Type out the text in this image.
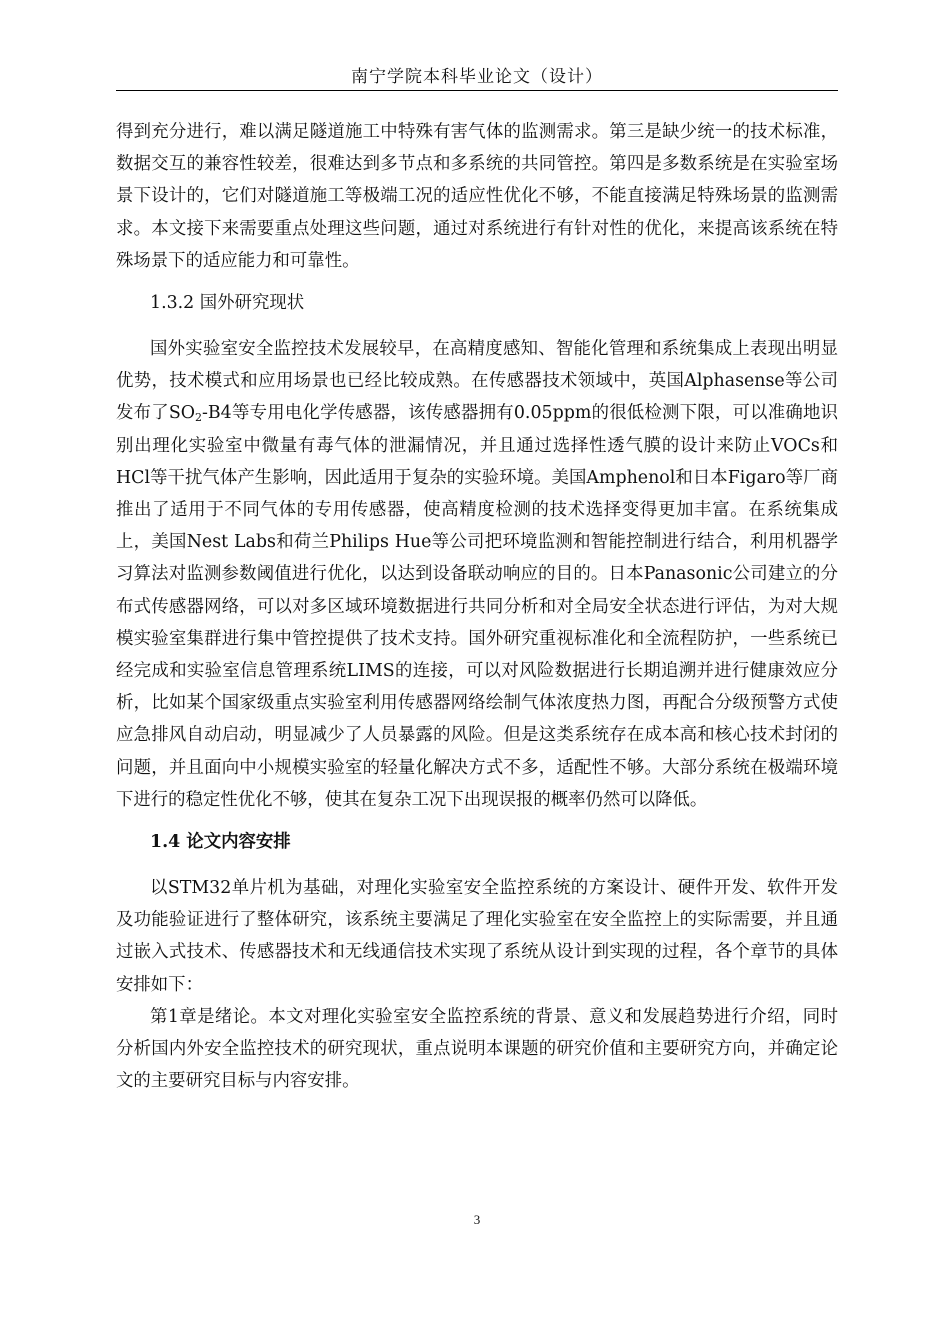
南宁学院本科毕业论文（设计）

得到充分进行，难以满足隧道施工中特殊有害气体的监测需求。第三是缺少统一的技术标准，数据交互的兼容性较差，很难达到多节点和多系统的共同管控。第四是多数系统是在实验室场景下设计的，它们对隧道施工等极端工况的适应性优化不够，不能直接满足特殊场景的监测需求。本文接下来需要重点处理这些问题，通过对系统进行有针对性的优化，来提高该系统在特殊场景下的适应能力和可靠性。

1.3.2 国外研究现状

国外实验室安全监控技术发展较早，在高精度感知、智能化管理和系统集成上表现出明显优势，技术模式和应用场景也已经比较成熟。在传感器技术领域中，英国Alphasense等公司发布了$SO_2-B4$等专用电化学传感器，该传感器拥有0.05ppm的很低检测下限，可以准确地识别出理化实验室中微量有毒气体的泄漏情况，并且通过选择性透气膜的设计来防止VOCs和HCl等干扰气体产生影响，因此适用于复杂的实验环境。美国Amphenol和日本Figaro等厂商推出了适用于不同气体的专用传感器，使高精度检测的技术选择变得更加丰富。在系统集成上，美国Nest Labs和荷兰Philips Hue等公司把环境监测和智能控制进行结合，利用机器学习算法对监测参数阈值进行优化，以达到设备联动响应的目的。日本Panasonic公司建立的分布式传感器网络，可以对多区域环境数据进行共同分析和对全局安全状态进行评估，为对大规模实验室集群进行集中管控提供了技术支持。国外研究重视标准化和全流程防护，一些系统已经完成和实验室信息管理系统LIMS的连接，可以对风险数据进行长期追溯并进行健康效应分析，比如某个国家级重点实验室利用传感器网络绘制气体浓度热力图，再配合分级预警方式使应急排风自动启动，明显减少了人员暴露的风险。但是这类系统存在成本高和核心技术封闭的问题，并且面向中小规模实验室的轻量化解决方式不多，适配性不够。大部分系统在极端环境下进行的稳定性优化不够，使其在复杂工况下出现误报的概率仍然可以降低。

1.4 论文内容安排

以STM32单片机为基础，对理化实验室安全监控系统的方案设计、硬件开发、软件开发及功能验证进行了整体研究，该系统主要满足了理化实验室在安全监控上的实际需要，并且通过嵌入式技术、传感器技术和无线通信技术实现了系统从设计到实现的过程，各个章节的具体安排如下：

第1章是绪论。本文对理化实验室安全监控系统的背景、意义和发展趋势进行介绍，同时分析国内外安全监控技术的研究现状，重点说明本课题的研究价值和主要研究方向，并确定论文的主要研究目标与内容安排。

3
